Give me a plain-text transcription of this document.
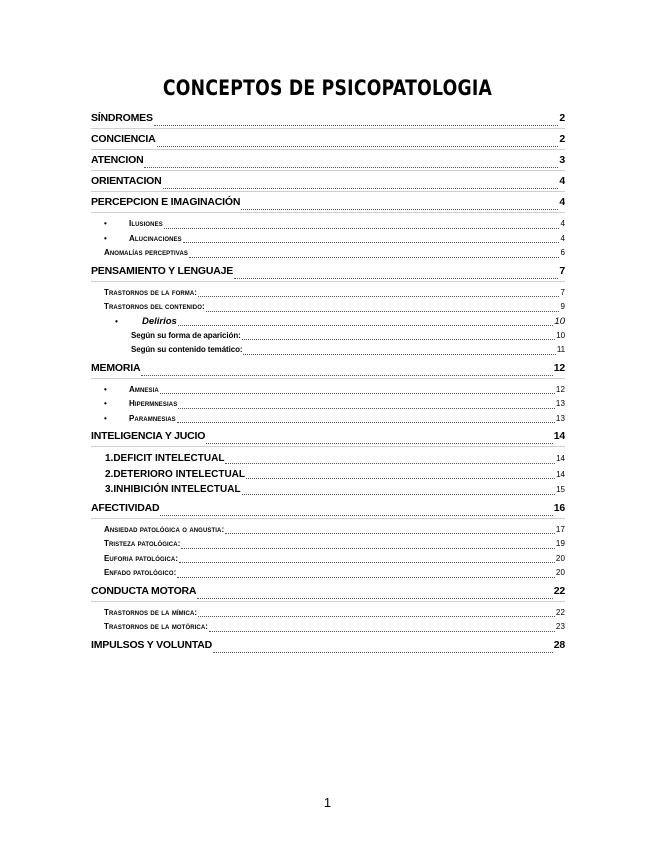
CONCEPTOS DE PSICOPATOLOGIA
SÍNDROMES	2
CONCIENCIA	2
ATENCION	3
ORIENTACION	4
PERCEPCION E IMAGINACIÓN	4
•	Ilusiones	4
•	Alucinaciones	4
Anomalías perceptivas	6
PENSAMIENTO Y LENGUAJE	7
Trastornos de la forma:	7
Trastornos del contenido:	9
•	Delirios	10
Según su forma de aparición:	10
Según su contenido temático:	11
MEMORIA	12
•	Amnesia	12
•	Hipermnesias	13
•	Paramnesias	13
INTELIGENCIA Y JUCIO	14
1.DEFICIT INTELECTUAL	14
2.DETERIORO INTELECTUAL	14
3.INHIBICIÓN INTELECTUAL	15
AFECTIVIDAD	16
Ansiedad patológica o angustia:	17
Tristeza patológica:	19
Euforia patológica:	20
Enfado patológico:	20
CONDUCTA MOTORA	22
Trastornos de la mímica:	22
Trastornos de la motórica:	23
IMPULSOS Y VOLUNTAD	28
1
